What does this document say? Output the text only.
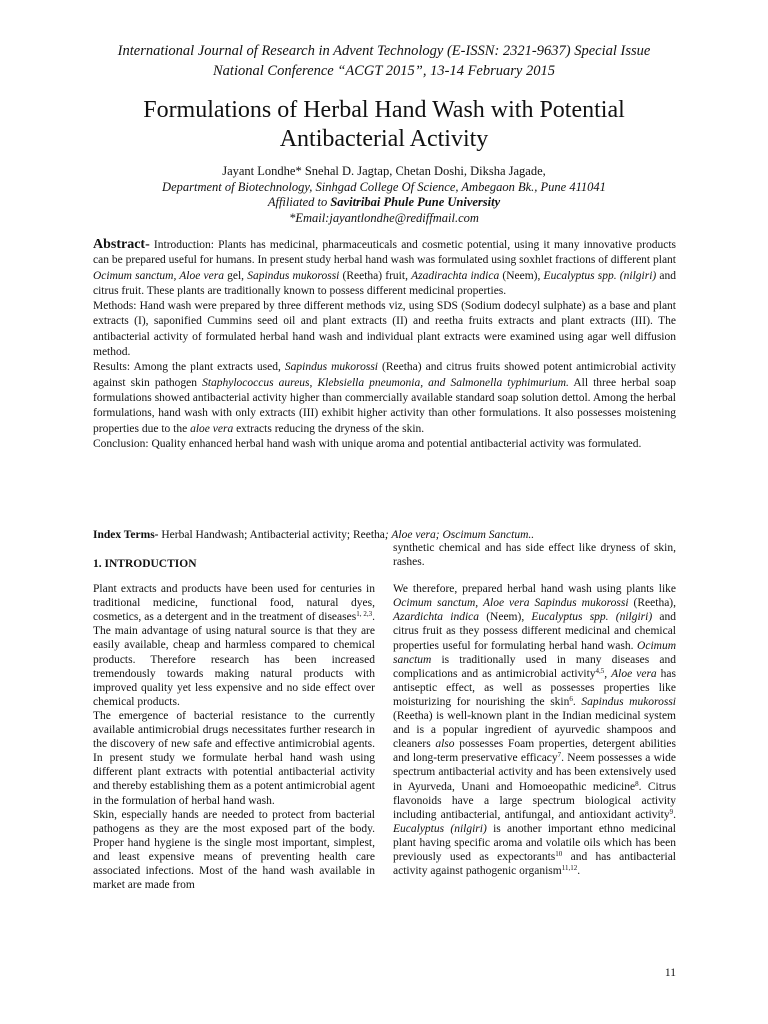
International Journal of Research in Advent Technology (E-ISSN: 2321-9637) Special Issue
National Conference “ACGT 2015”, 13-14 February 2015
Formulations of Herbal Hand Wash with Potential
Antibacterial Activity
Jayant Londhe* Snehal D. Jagtap, Chetan Doshi, Diksha Jagade,
Department of Biotechnology, Sinhgad College Of Science, Ambegaon Bk., Pune 411041
Affiliated to Savitribai Phule Pune University
*Email:jayantlondhe@rediffmail.com

Abstract- Introduction: Plants has medicinal, pharmaceuticals and cosmetic potential, using it many innovative products can be prepared useful for humans. In present study herbal hand wash was formulated using soxhlet fractions of different plant Ocimum sanctum, Aloe vera gel, Sapindus mukorossi (Reetha) fruit, Azadirachta indica (Neem), Eucalyptus spp. (nilgiri) and citrus fruit. These plants are traditionally known to possess different medicinal properties.

Methods: Hand wash were prepared by three different methods viz, using SDS (Sodium dodecyl sulphate) as a base and plant extracts (I), saponified Cummins seed oil and plant extracts (II) and reetha fruits extracts and plant extracts (III). The antibacterial activity of formulated herbal hand wash and individual plant extracts were examined using agar well diffusion method.

Results: Among the plant extracts used, Sapindus mukorossi (Reetha) and citrus fruits showed potent antimicrobial activity against skin pathogen Staphylococcus aureus, Klebsiella pneumonia, and Salmonella typhimurium. All three herbal soap formulations showed antibacterial activity higher than commercially available standard soap solution dettol. Among the herbal formulations, hand wash with only extracts (III) exhibit higher activity than other formulations. It also possesses moistening properties due to the aloe vera extracts reducing the dryness of the skin.

Conclusion: Quality enhanced herbal hand wash with unique aroma and potential antibacterial activity was formulated.

Index Terms- Herbal Handwash; Antibacterial activity; Reetha; Aloe vera; Oscimum Sanctum..
1. INTRODUCTION

Plant extracts and products have been used for centuries in traditional medicine, functional food, natural dyes, cosmetics, as a detergent and in the treatment of diseases$^{1, 2,3}$. The main advantage of using natural source is that they are easily available, cheap and harmless compared to chemical products. Therefore research has been increased tremendously towards making natural products with improved quality yet less expensive and no side effect over chemical products.

The emergence of bacterial resistance to the currently available antimicrobial drugs necessitates further research in the discovery of new safe and effective antimicrobial agents. In present study we formulate herbal hand wash using different plant extracts with potential antibacterial activity and thereby establishing them as a potent antimicrobial agent in the formulation of herbal hand wash.

Skin, especially hands are needed to protect from bacterial pathogens as they are the most exposed part of the body. Proper hand hygiene is the single most important, simplest, and least expensive means of preventing health care associated infections. Most of the hand wash available in market are made from

synthetic chemical and has side effect like dryness of skin, rashes.

We therefore, prepared herbal hand wash using plants like Ocimum sanctum, Aloe vera Sapindus mukorossi (Reetha), Azardichta indica (Neem), Eucalyptus spp. (nilgiri) and citrus fruit as they possess different medicinal and chemical properties useful for formulating herbal hand wash. Ocimum sanctum is traditionally used in many diseases and complications and as antimicrobial activity$^{4,5}$, Aloe vera has antiseptic effect, as well as possesses properties like moisturizing for nourishing the skin$^6$. Sapindus mukorossi (Reetha) is well-known plant in the Indian medicinal system and is a popular ingredient of ayurvedic shampoos and cleaners also possesses Foam properties, detergent abilities and long-term preservative efficacy$^7$. Neem possesses a wide spectrum antibacterial activity and has been extensively used in Ayurveda, Unani and Homoeopathic medicine$^8$. Citrus flavonoids have a large spectrum biological activity including antibacterial, antifungal, and antioxidant activity$^9$. Eucalyptus (nilgiri) is another important ethno medicinal plant having specific aroma and volatile oils which has been previously used as expectorants$^{10}$ and has antibacterial activity against pathogenic organism$^{11,12}$.

11
